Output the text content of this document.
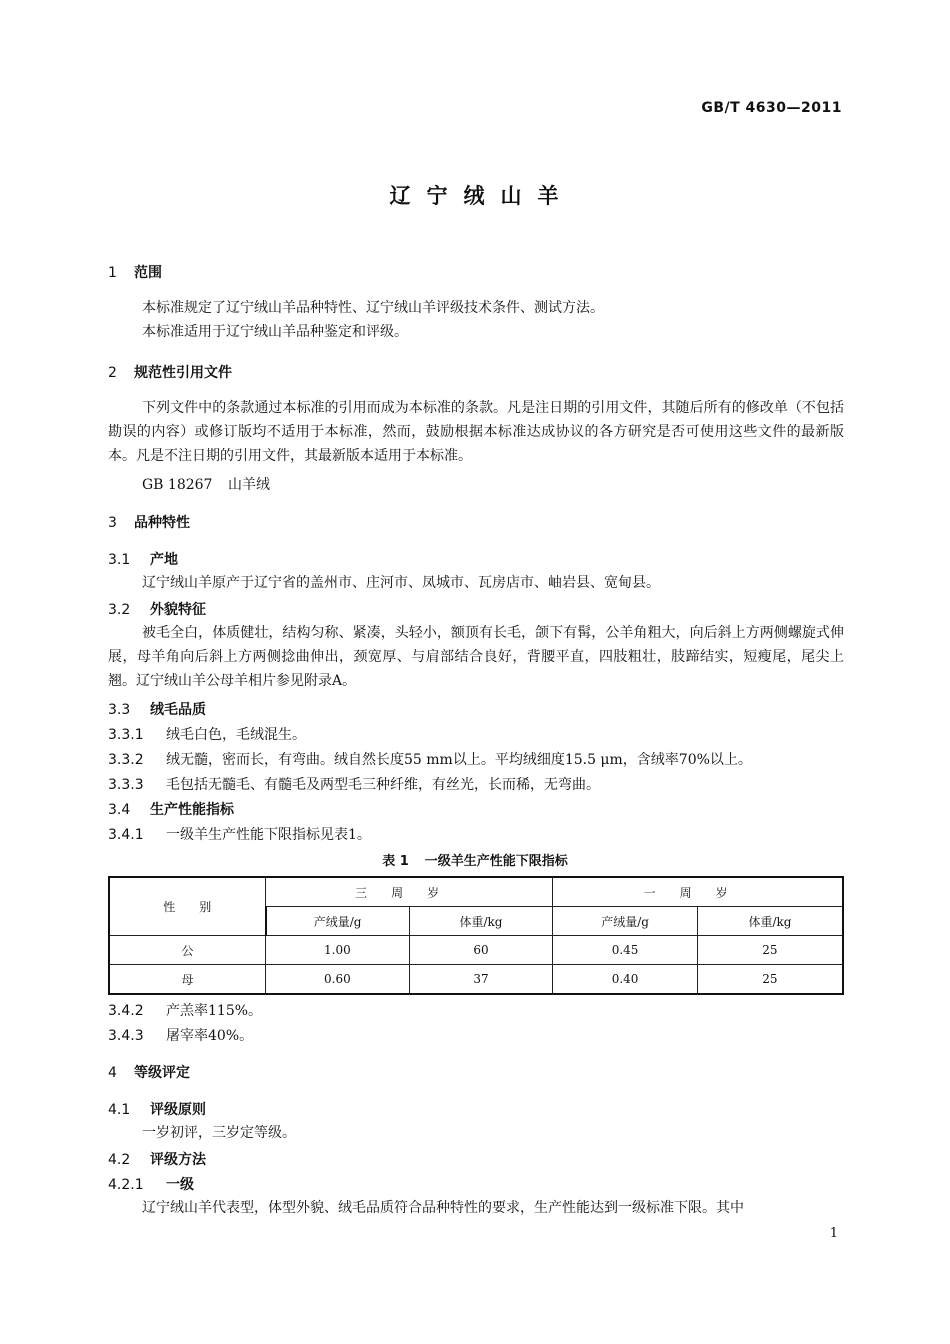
GB/T 4630—2011
辽宁绒山羊
1 范围
本标准规定了辽宁绒山羊品种特性、辽宁绒山羊评级技术条件、测试方法。
本标准适用于辽宁绒山羊品种鉴定和评级。
2 规范性引用文件
下列文件中的条款通过本标准的引用而成为本标准的条款。凡是注日期的引用文件，其随后所有的修改单（不包括勘误的内容）或修订版均不适用于本标准，然而，鼓励根据本标准达成协议的各方研究是否可使用这些文件的最新版本。凡是不注日期的引用文件，其最新版本适用于本标准。
GB 18267 山羊绒
3 品种特性
3.1 产地
辽宁绒山羊原产于辽宁省的盖州市、庄河市、凤城市、瓦房店市、岫岩县、宽甸县。
3.2 外貌特征
被毛全白，体质健壮，结构匀称、紧凑，头轻小，额顶有长毛，颌下有髯，公羊角粗大，向后斜上方两侧螺旋式伸展，母羊角向后斜上方两侧捻曲伸出，颈宽厚、与肩部结合良好，背腰平直，四肢粗壮，肢蹄结实，短瘦尾，尾尖上翘。辽宁绒山羊公母羊相片参见附录A。
3.3 绒毛品质
3.3.1 绒毛白色，毛绒混生。
3.3.2 绒无髓，密而长，有弯曲。绒自然长度55 mm以上。平均绒细度15.5 μm，含绒率70%以上。
3.3.3 毛包括无髓毛、有髓毛及两型毛三种纤维，有丝光，长而稀，无弯曲。
3.4 生产性能指标
3.4.1 一级羊生产性能下限指标见表1。
表 1 一级羊生产性能下限指标
性　　别	三周岁		一周岁	
	产绒量/g	体重/kg	产绒量/g	体重/kg
公	1.00	60	0.45	25
母	0.60	37	0.40	25
3.4.2 产羔率115%。
3.4.3 屠宰率40%。
4 等级评定
4.1 评级原则
一岁初评，三岁定等级。
4.2 评级方法
4.2.1 一级
辽宁绒山羊代表型，体型外貌、绒毛品质符合品种特性的要求，生产性能达到一级标准下限。其中
1
